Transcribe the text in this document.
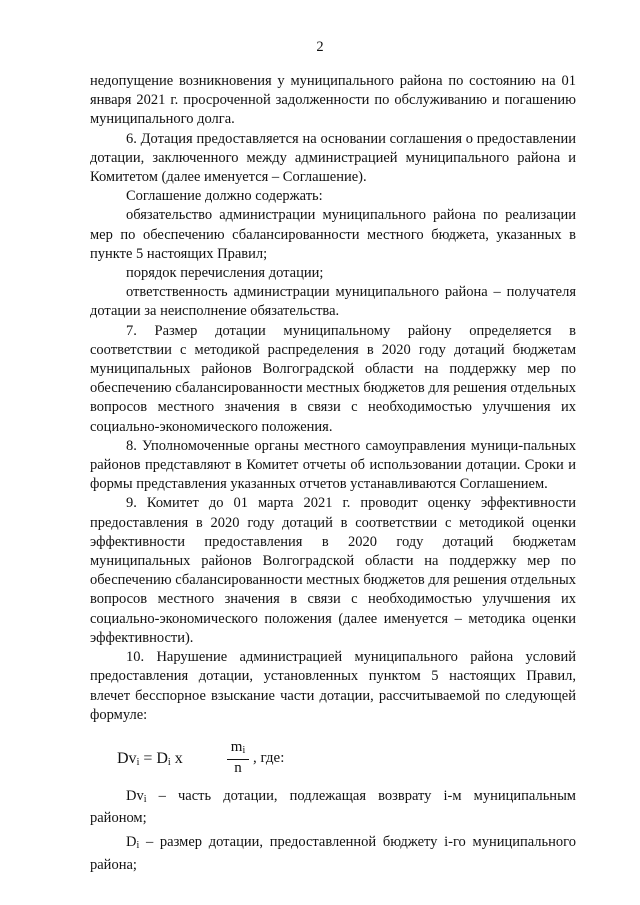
2

недопущение возникновения у муниципального района по состоянию на 01 января 2021 г. просроченной задолженности по обслуживанию и погашению муниципального долга.

6. Дотация предоставляется на основании соглашения о предоставлении дотации, заключенного между администрацией муниципального района и Комитетом (далее именуется – Соглашение).

Соглашение должно содержать:

обязательство администрации муниципального района по реализации мер по обеспечению сбалансированности местного бюджета, указанных в пункте 5 настоящих Правил;

порядок перечисления дотации;

ответственность администрации муниципального района – получателя дотации за неисполнение обязательства.

7. Размер дотации муниципальному району определяется в соответствии с методикой распределения в 2020 году дотаций бюджетам муниципальных районов Волгоградской области на поддержку мер по обеспечению сбалансированности местных бюджетов для решения отдельных вопросов местного значения в связи с необходимостью улучшения их социально-экономического положения.

8. Уполномоченные органы местного самоуправления муници-пальных районов представляют в Комитет отчеты об использовании дотации. Сроки и формы представления указанных отчетов устанавливаются Соглашением.

9. Комитет до 01 марта 2021 г. проводит оценку эффективности предоставления в 2020 году дотаций в соответствии с методикой оценки эффективности предоставления в 2020 году дотаций бюджетам муниципальных районов Волгоградской области на поддержку мер по обеспечению сбалансированности местных бюджетов для решения отдельных вопросов местного значения в связи с необходимостью улучшения их социально-экономического положения (далее именуется – методика оценки эффективности).

10. Нарушение администрацией муниципального района условий предоставления дотации, установленных пунктом 5 настоящих Правил, влечет бесспорное взыскание части дотации, рассчитываемой по следующей формуле:

$Dv_i = D_i$ x	$\frac{m_i}{n}$ , где:

$Dv_i$ – часть дотации, подлежащая возврату i-м муниципальным районом;

$D_i$ – размер дотации, предоставленной бюджету i-го муниципального района;
